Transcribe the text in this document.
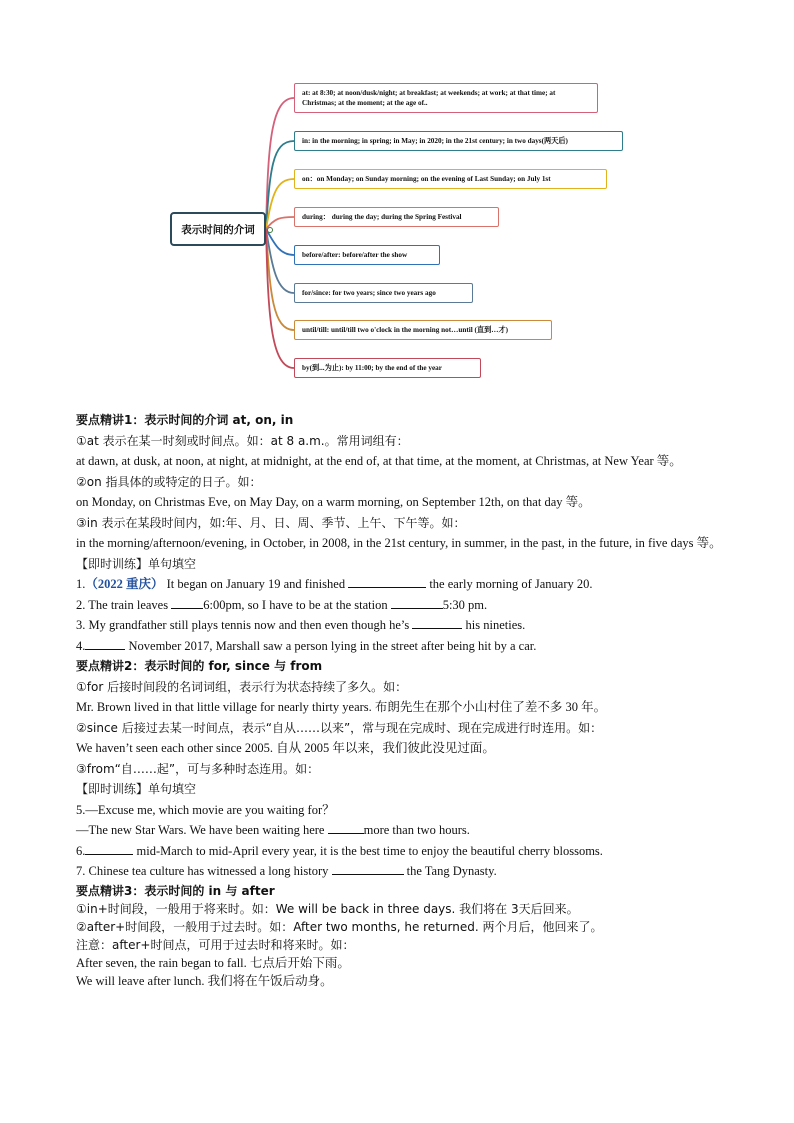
表示时间的介词
at: at 8:30; at noon/dusk/night; at breakfast; at weekends; at work; at that time; at Christmas; at the moment; at the age of..
in: in the morning; in spring; in May; in 2020; in the 21st century; in two days(两天后)
on：on Monday; on Sunday morning; on the evening of Last Sunday; on July 1st
during： during the day; during the Spring Festival
before/after: before/after the show
for/since: for two years; since two years ago
until/till: until/till two o'clock in the morning not…until (直到…才)
by(到...为止): by 11:00; by the end of the year

要点精讲1：表示时间的介词 at, on, in

①at 表示在某一时刻或时间点。如：at 8 a.m.。常用词组有：

at dawn, at dusk, at noon, at night, at midnight, at the end of, at that time, at the moment, at Christmas, at New Year 等。

②on 指具体的或特定的日子。如：

on Monday, on Christmas Eve, on May Day, on a warm morning, on September 12th, on that day 等。

③in 表示在某段时间内，如:年、月、日、周、季节、上午、下午等。如：

in the morning/afternoon/evening, in October, in 2008, in the 21st century, in summer, in the past, in the future, in five days 等。

【即时训练】单句填空

1.（2022 重庆） It began on January 19 and finished	the early morning of January 20.

2. The train leaves	6:00pm, so I have to be at the station	5:30 pm.

3. My grandfather still plays tennis now and then even though he’s	his nineties.

4.	November 2017, Marshall saw a person lying in the street after being hit by a car.

要点精讲2：表示时间的 for, since 与 from

①for 后接时间段的名词词组，表示行为状态持续了多久。如：

Mr. Brown lived in that little village for nearly thirty years. 布朗先生在那个小山村住了差不多 30 年。

②since 后接过去某一时间点，表示“自从……以来”，常与现在完成时、现在完成进行时连用。如：

We haven’t seen each other since 2005. 自从 2005 年以来，我们彼此没见过面。

③from“自……起”，可与多种时态连用。如：

【即时训练】单句填空

5.—Excuse me, which movie are you waiting for？

—The new Star Wars. We have been waiting here	more than two hours.

6.	mid-March to mid-April every year, it is the best time to enjoy the beautiful cherry blossoms.

7. Chinese tea culture has witnessed a long history	the Tang Dynasty.

要点精讲3：表示时间的 in 与 after

①in+时间段，一般用于将来时。如：We will be back in three days. 我们将在 3天后回来。

②after+时间段，一般用于过去时。如：After two months, he returned. 两个月后，他回来了。

注意：after+时间点，可用于过去时和将来时。如：

After seven, the rain began to fall. 七点后开始下雨。

We will leave after lunch. 我们将在午饭后动身。
